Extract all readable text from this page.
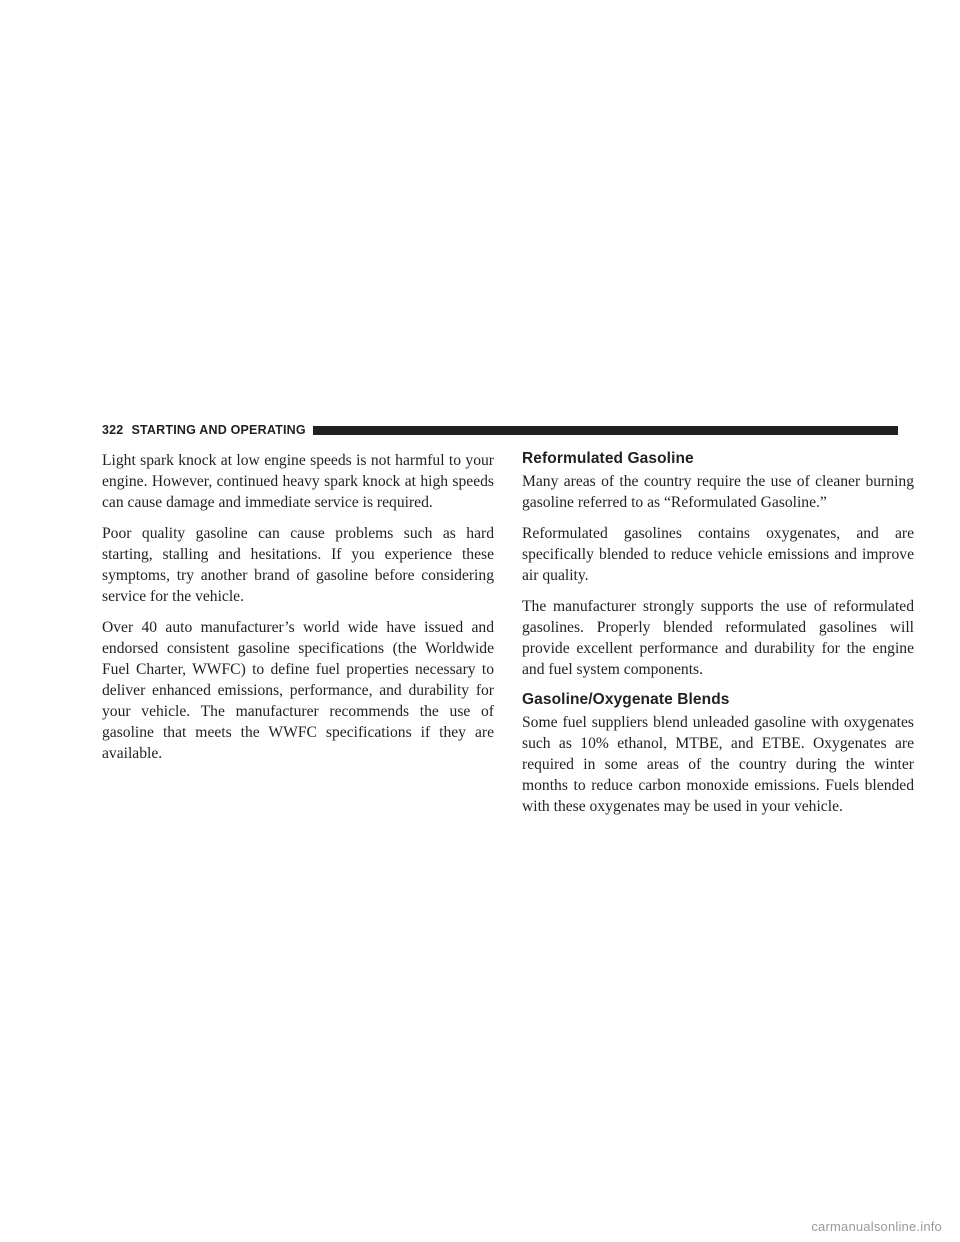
322 STARTING AND OPERATING

Light spark knock at low engine speeds is not harmful to your engine. However, continued heavy spark knock at high speeds can cause damage and immediate service is required.

Poor quality gasoline can cause problems such as hard starting, stalling and hesitations. If you experience these symptoms, try another brand of gasoline before considering service for the vehicle.

Over 40 auto manufacturer’s world wide have issued and endorsed consistent gasoline specifications (the Worldwide Fuel Charter, WWFC) to define fuel properties necessary to deliver enhanced emissions, performance, and durability for your vehicle. The manufacturer recommends the use of gasoline that meets the WWFC specifications if they are available.

Reformulated Gasoline

Many areas of the country require the use of cleaner burning gasoline referred to as “Reformulated Gasoline.”

Reformulated gasolines contains oxygenates, and are specifically blended to reduce vehicle emissions and improve air quality.

The manufacturer strongly supports the use of reformulated gasolines. Properly blended reformulated gasolines will provide excellent performance and durability for the engine and fuel system components.

Gasoline/Oxygenate Blends

Some fuel suppliers blend unleaded gasoline with oxygenates such as 10% ethanol, MTBE, and ETBE. Oxygenates are required in some areas of the country during the winter months to reduce carbon monoxide emissions. Fuels blended with these oxygenates may be used in your vehicle.

carmanualsonline.info
